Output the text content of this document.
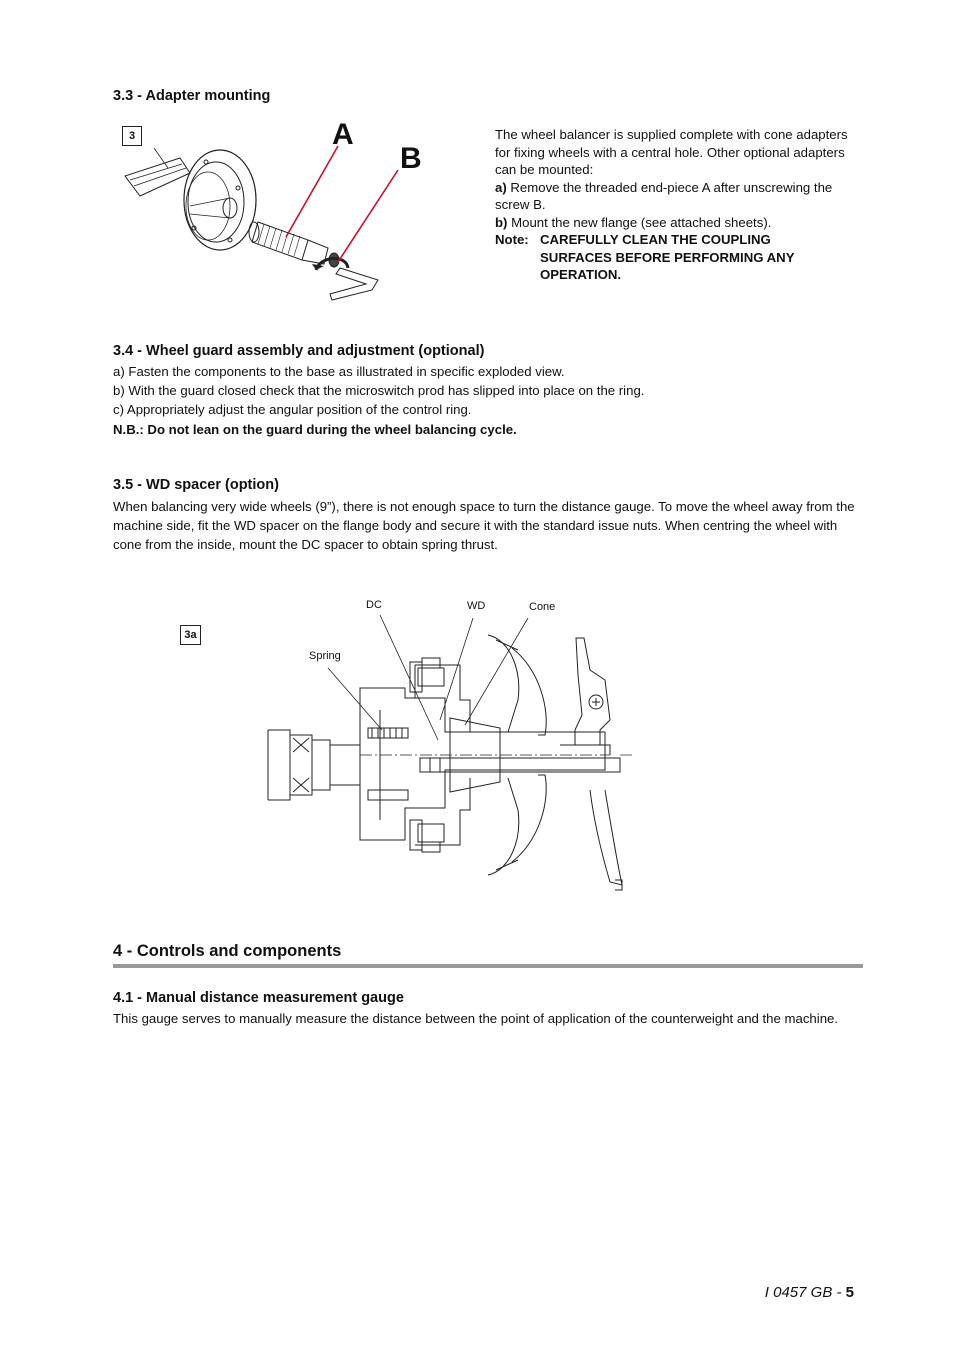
3.3 - Adapter mounting
3	A
B

The wheel balancer is supplied complete with cone adapters for fixing wheels with a central hole. Other optional adapters can be mounted:

a) Remove the threaded end-piece A after unscrewing the screw B.

b) Mount the new flange (see attached sheets).

Note: CAREFULLY CLEAN THE COUPLING SURFACES BEFORE PERFORMING ANY OPERATION.
3.4 - Wheel guard assembly and adjustment (optional)

a) Fasten the components to the base as illustrated in specific exploded view.

b) With the guard closed check that the microswitch prod has slipped into place on the ring.

c) Appropriately adjust the angular position of the control ring.

N.B.: Do not lean on the guard during the wheel balancing cycle.

3.5 - WD spacer (option)

When balancing very wide wheels (9”), there is not enough space to turn the distance gauge. To move the wheel away from the machine side, fit the WD spacer on the flange body and secure it with the standard issue nuts. When centring the wheel with cone from the inside, mount the DC spacer to obtain spring thrust.

3a
DC	WD	Cone
Spring
4 - Controls and components
4.1 - Manual distance measurement gauge

This gauge serves to manually measure the distance between the point of application of the counterweight and the machine.

I 0457 GB - 5
